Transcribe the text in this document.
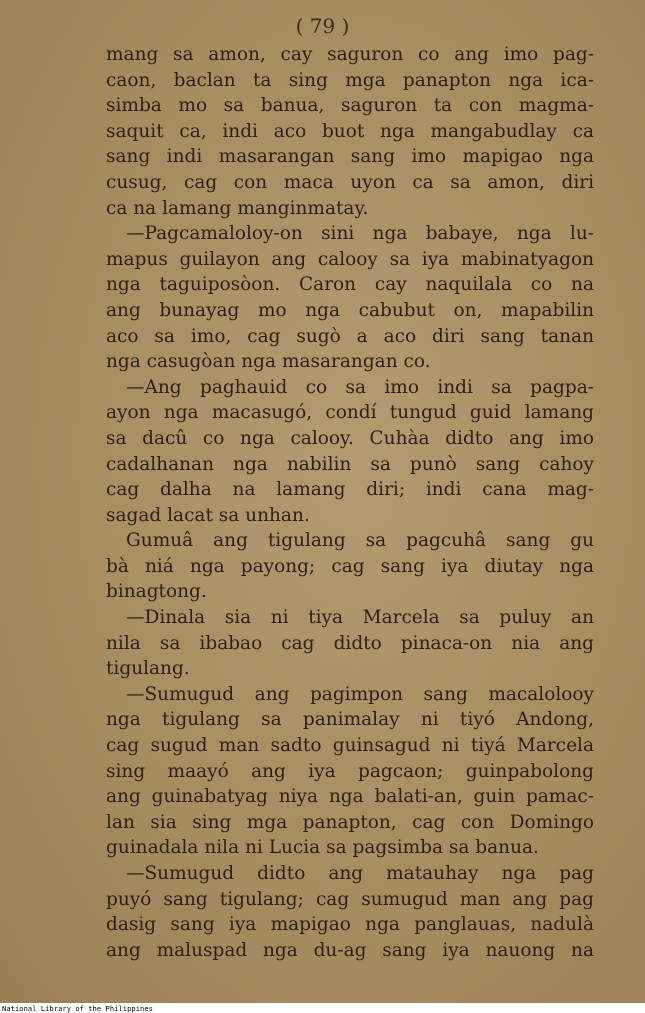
( 79 )
mang sa amon, cay saguron co ang imo pag-
caon, baclan ta sing mga panapton nga ica-
simba mo sa banua, saguron ta con magma-
saquit ca, indi aco buot nga mangabudlay ca
sang indi masarangan sang imo mapigao nga
cusug, cag con maca uyon ca sa amon, diri
ca na lamang manginmatay.
—Pagcamaloloy-on sini nga babaye, nga lu-
mapus guilayon ang calooy sa iya mabinatyagon
nga taguiposòon. Caron cay naquilala co na
ang bunayag mo nga cabubut on, mapabilin
aco sa imo, cag sugò a aco diri sang tanan
nga casugòan nga masarangan co.
—Ang paghauid co sa imo indi sa pagpa-
ayon nga macasugó, condí tungud guid lamang
sa dacû co nga calooy. Cuhàa didto ang imo
cadalhanan nga nabilin sa punò sang cahoy
cag dalha na lamang diri; indi cana mag-
sagad lacat sa unhan.
Gumuâ ang tigulang sa pagcuhâ sang gu
bà niá nga payong; cag sang iya diutay nga
binagtong.
—Dinala sia ni tiya Marcela sa puluy an
nila sa ibabao cag didto pinaca-on nia ang
tigulang.
—Sumugud ang pagimpon sang macalolooy
nga tigulang sa panimalay ni tiyó Andong,
cag sugud man sadto guinsagud ni tiyá Marcela
sing maayó ang iya pagcaon; guinpabolong
ang guinabatyag niya nga balati-an, guin pamac-
lan sia sing mga panapton, cag con Domingo
guinadala nila ni Lucia sa pagsimba sa banua.
—Sumugud didto ang matauhay nga pag
puyó sang tigulang; cag sumugud man ang pag
dasig sang iya mapigao nga panglauas, nadulà
ang maluspad nga du-ag sang iya nauong na
National Library of the Philippines
